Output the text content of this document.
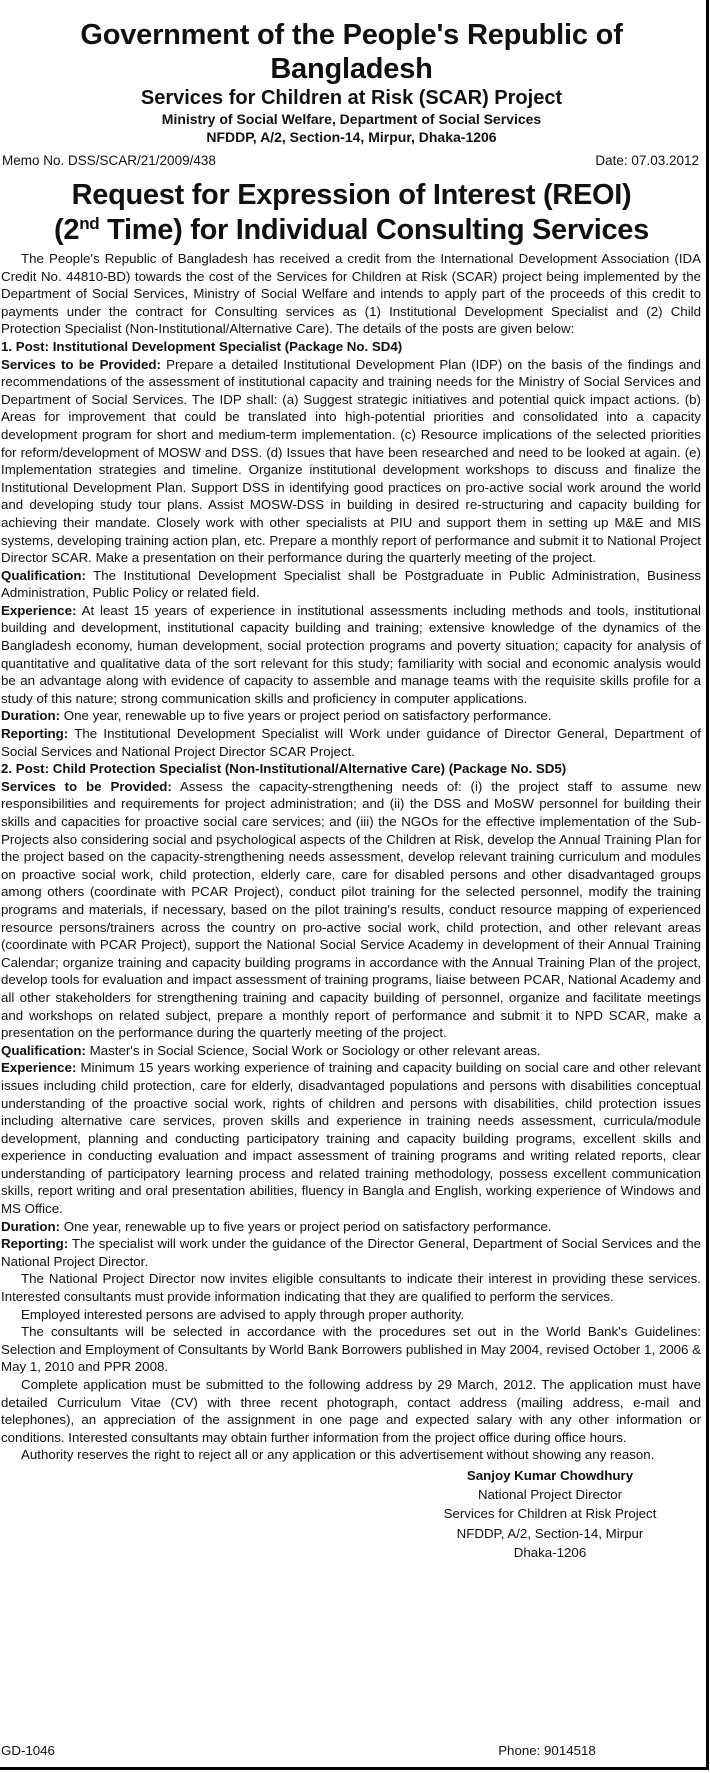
Government of the People's Republic of Bangladesh
Services for Children at Risk (SCAR) Project
Ministry of Social Welfare, Department of Social Services
NFDDP, A/2, Section-14, Mirpur, Dhaka-1206
Memo No. DSS/SCAR/21/2009/438	Date: 07.03.2012
Request for Expression of Interest (REOI)
(2nd Time) for Individual Consulting Services

The People's Republic of Bangladesh has received a credit from the International Development Association (IDA Credit No. 44810-BD) towards the cost of the Services for Children at Risk (SCAR) project being implemented by the Department of Social Services, Ministry of Social Welfare and intends to apply part of the proceeds of this credit to payments under the contract for Consulting services as (1) Institutional Development Specialist and (2) Child Protection Specialist (Non-Institutional/Alternative Care). The details of the posts are given below:

1. Post: Institutional Development Specialist (Package No. SD4)

Services to be Provided: Prepare a detailed Institutional Development Plan (IDP) on the basis of the findings and recommendations of the assessment of institutional capacity and training needs for the Ministry of Social Services and Department of Social Services. The IDP shall: (a) Suggest strategic initiatives and potential quick impact actions. (b) Areas for improvement that could be translated into high-potential priorities and consolidated into a capacity development program for short and medium-term implementation. (c) Resource implications of the selected priorities for reform/development of MOSW and DSS. (d) Issues that have been researched and need to be looked at again. (e) Implementation strategies and timeline. Organize institutional development workshops to discuss and finalize the Institutional Development Plan. Support DSS in identifying good practices on pro-active social work around the world and developing study tour plans. Assist MOSW-DSS in building in desired re-structuring and capacity building for achieving their mandate. Closely work with other specialists at PIU and support them in setting up M&E and MIS systems, developing training action plan, etc. Prepare a monthly report of performance and submit it to National Project Director SCAR. Make a presentation on their performance during the quarterly meeting of the project.

Qualification: The Institutional Development Specialist shall be Postgraduate in Public Administration, Business Administration, Public Policy or related field.

Experience: At least 15 years of experience in institutional assessments including methods and tools, institutional building and development, institutional capacity building and training; extensive knowledge of the dynamics of the Bangladesh economy, human development, social protection programs and poverty situation; capacity for analysis of quantitative and qualitative data of the sort relevant for this study; familiarity with social and economic analysis would be an advantage along with evidence of capacity to assemble and manage teams with the requisite skills profile for a study of this nature; strong communication skills and proficiency in computer applications.

Duration: One year, renewable up to five years or project period on satisfactory performance.

Reporting: The Institutional Development Specialist will Work under guidance of Director General, Department of Social Services and National Project Director SCAR Project.

2. Post: Child Protection Specialist (Non-Institutional/Alternative Care) (Package No. SD5)

Services to be Provided: Assess the capacity-strengthening needs of: (i) the project staff to assume new responsibilities and requirements for project administration; and (ii) the DSS and MoSW personnel for building their skills and capacities for proactive social care services; and (iii) the NGOs for the effective implementation of the Sub-Projects also considering social and psychological aspects of the Children at Risk, develop the Annual Training Plan for the project based on the capacity-strengthening needs assessment, develop relevant training curriculum and modules on proactive social work, child protection, elderly care, care for disabled persons and other disadvantaged groups among others (coordinate with PCAR Project), conduct pilot training for the selected personnel, modify the training programs and materials, if necessary, based on the pilot training's results, conduct resource mapping of experienced resource persons/trainers across the country on pro-active social work, child protection, and other relevant areas (coordinate with PCAR Project), support the National Social Service Academy in development of their Annual Training Calendar; organize training and capacity building programs in accordance with the Annual Training Plan of the project, develop tools for evaluation and impact assessment of training programs, liaise between PCAR, National Academy and all other stakeholders for strengthening training and capacity building of personnel, organize and facilitate meetings and workshops on related subject, prepare a monthly report of performance and submit it to NPD SCAR, make a presentation on the performance during the quarterly meeting of the project.

Qualification: Master's in Social Science, Social Work or Sociology or other relevant areas.

Experience: Minimum 15 years working experience of training and capacity building on social care and other relevant issues including child protection, care for elderly, disadvantaged populations and persons with disabilities conceptual understanding of the proactive social work, rights of children and persons with disabilities, child protection issues including alternative care services, proven skills and experience in training needs assessment, curricula/module development, planning and conducting participatory training and capacity building programs, excellent skills and experience in conducting evaluation and impact assessment of training programs and writing related reports, clear understanding of participatory learning process and related training methodology, possess excellent communication skills, report writing and oral presentation abilities, fluency in Bangla and English, working experience of Windows and MS Office.

Duration: One year, renewable up to five years or project period on satisfactory performance.

Reporting: The specialist will work under the guidance of the Director General, Department of Social Services and the National Project Director.

The National Project Director now invites eligible consultants to indicate their interest in providing these services. Interested consultants must provide information indicating that they are qualified to perform the services.

Employed interested persons are advised to apply through proper authority.

The consultants will be selected in accordance with the procedures set out in the World Bank's Guidelines: Selection and Employment of Consultants by World Bank Borrowers published in May 2004, revised October 1, 2006 & May 1, 2010 and PPR 2008.

Complete application must be submitted to the following address by 29 March, 2012. The application must have detailed Curriculum Vitae (CV) with three recent photograph, contact address (mailing address, e-mail and telephones), an appreciation of the assignment in one page and expected salary with any other information or conditions. Interested consultants may obtain further information from the project office during office hours.

Authority reserves the right to reject all or any application or this advertisement without showing any reason.

Sanjoy Kumar Chowdhury
National Project Director
Services for Children at Risk Project
NFDDP, A/2, Section-14, Mirpur
Dhaka-1206
GD-1046	Phone: 9014518
